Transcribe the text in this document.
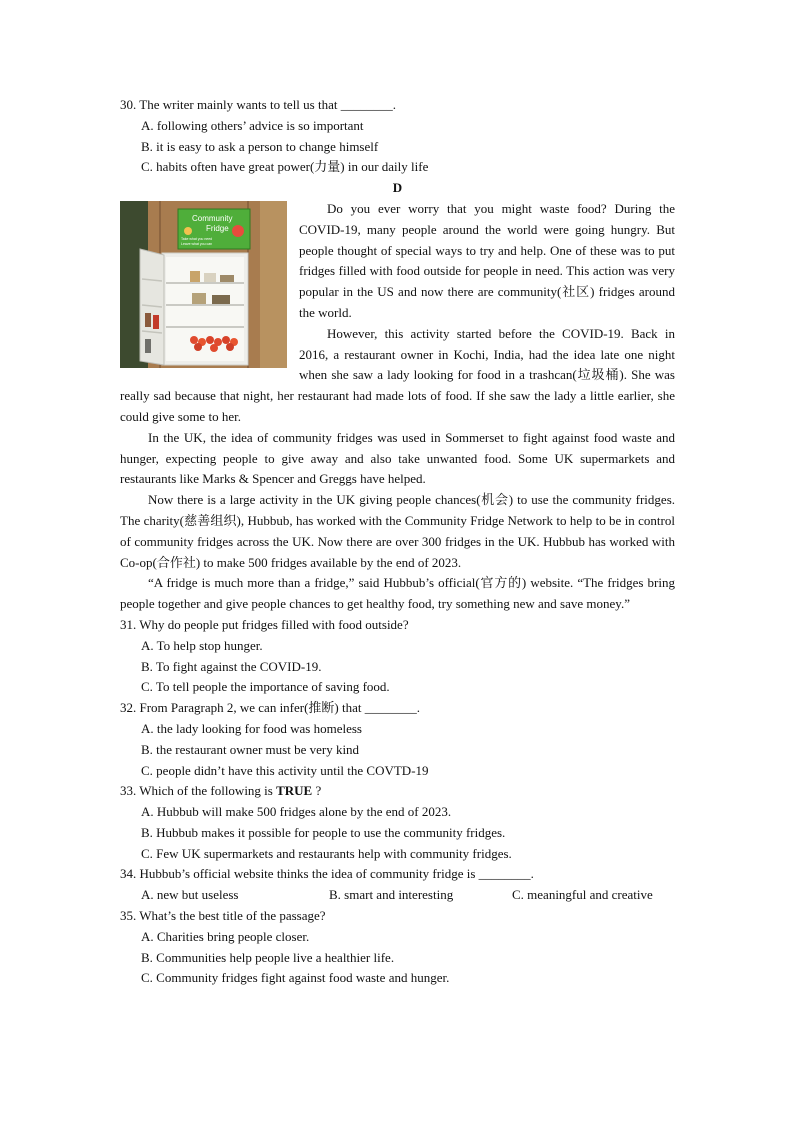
30. The writer mainly wants to tell us that ________.

A. following others’ advice is so important

B. it is easy to ask a person to change himself

C. habits often have great power(力量) in our daily life

D

Community
Fridge
Take what you need
Leave what you can

Do you ever worry that you might waste food? During the COVID-19, many people around the world were going hungry. But people thought of special ways to try and help. One of these was to put fridges filled with food outside for people in need. This action was very popular in the US and now there are community(社区) fridges around the world.

However, this activity started before the COVID-19. Back in 2016, a restaurant owner in Kochi, India, had the idea late one night when she saw a lady looking for food in a trashcan(垃圾桶). She was really sad because that night, her restaurant had made lots of food. If she saw the lady a little earlier, she could give some to her.

In the UK, the idea of community fridges was used in Sommerset to fight against food waste and hunger, expecting people to give away and also take unwanted food. Some UK supermarkets and restaurants like Marks & Spencer and Greggs have helped.

Now there is a large activity in the UK giving people chances(机会) to use the community fridges. The charity(慈善组织), Hubbub, has worked with the Community Fridge Network to help to be in control of community fridges across the UK. Now there are over 300 fridges in the UK. Hubbub has worked with Co-op(合作社) to make 500 fridges available by the end of 2023.

“A fridge is much more than a fridge,” said Hubbub’s official(官方的) website. “The fridges bring people together and give people chances to get healthy food, try something new and save money.”

31. Why do people put fridges filled with food outside?

A. To help stop hunger.

B. To fight against the COVID-19.

C. To tell people the importance of saving food.

32. From Paragraph 2, we can infer(推断) that ________.

A. the lady looking for food was homeless

B. the restaurant owner must be very kind

C. people didn’t have this activity until the COVTD-19

33. Which of the following is TRUE ?

A. Hubbub will make 500 fridges alone by the end of 2023.

B. Hubbub makes it possible for people to use the community fridges.

C. Few UK supermarkets and restaurants help with community fridges.

34. Hubbub’s official website thinks the idea of community fridge is ________.

A. new but useless	B. smart and interesting	C. meaningful and creative

35. What’s the best title of the passage?

A. Charities bring people closer.

B. Communities help people live a healthier life.

C. Community fridges fight against food waste and hunger.
